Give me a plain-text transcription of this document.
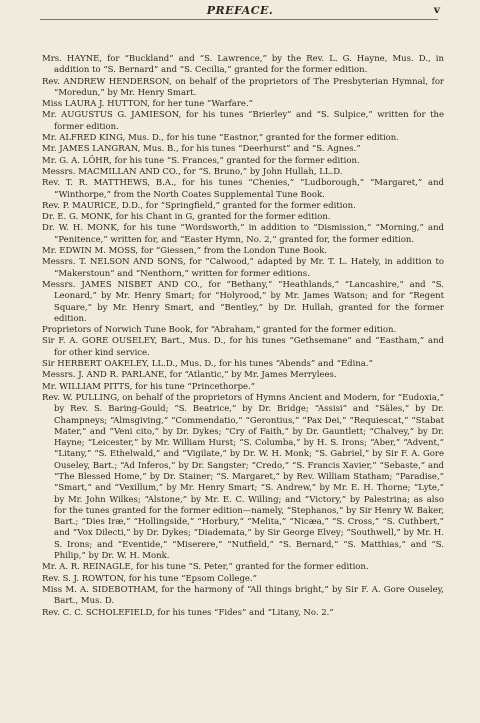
PREFACE.	v

Mrs. HAYNE, for “Buckland” and “S. Lawrence,” by the Rev. L. G. Hayne, Mus. D., in addition to “S. Bernard” and “S. Cecilia,” granted for the former edition.

Rev. ANDREW HENDERSON, on behalf of the proprietors of The Presbyterian Hymnal, for “Moredun,” by Mr. Henry Smart.

Miss LAURA J. HUTTON, for her tune “Warfare.”

Mr. AUGUSTUS G. JAMIESON, for his tunes “Brierley” and “S. Sulpice,” written for the former edition.

Mr. ALFRED KING, Mus. D., for his tune “Eastnor,” granted for the former edition.

Mr. JAMES LANGRAN, Mus. B., for his tunes “Deerhurst” and “S. Agnes.”

Mr. G. A. LÖHR, for his tune “S. Frances,” granted for the former edition.

Messrs. MACMILLAN AND CO., for “S. Bruno,” by John Hullah, LL.D.

Rev. T. R. MATTHEWS, B.A., for his tunes “Chenies,” “Ludborough,” “Margaret,” and “Winthorpe,” from the North Coates Supplemental Tune Book.

Rev. P. MAURICE, D.D., for “Springfield,” granted for the former edition.

Dr. E. G. MONK, for his Chant in G, granted for the former edition.

Dr. W. H. MONK, for his tune “Wordsworth,” in addition to “Dismission,” “Morning,” and “Penitence,” written for, and “Easter Hymn, No. 2,” granted for, the former edition.

Mr. EDWIN M. MOSS, for “Giessen,” from the London Tune Book.

Messrs. T. NELSON AND SONS, for “Calwood,” adapted by Mr. T. L. Hately, in addition to “Makerstoun” and “Nenthorn,” written for former editions.

Messrs. JAMES NISBET AND CO., for “Bethany,” “Heathlands,” “Lancashire,” and “S. Leonard,” by Mr. Henry Smart; for “Holyrood,” by Mr. James Watson; and for “Regent Square,” by Mr. Henry Smart, and “Bentley,” by Dr. Hullah, granted for the former edition.

Proprietors of Norwich Tune Book, for “Abraham,” granted for the former edition.

Sir F. A. GORE OUSELEY, Bart., Mus. D., for his tunes “Gethsemane” and “Eastham,” and for other kind service.

Sir HERBERT OAKELEY, LL.D., Mus. D., for his tunes “Abends” and “Edina.”

Messrs. J. AND R. PARLANE, for “Atlantic,” by Mr. James Merrylees.

Mr. WILLIAM PITTS, for his tune “Princethorpe.”

Rev. W. PULLING, on behalf of the proprietors of Hymns Ancient and Modern, for “Eudoxia,” by Rev. S. Baring-Gould; “S. Beatrice,” by Dr. Bridge; “Assisi” and “Säles,” by Dr. Champneys; “Almsgiving,” “Commendatio,” “Gerontius,” “Pax Dei,” “Requiescat,” “Stabat Mater,” and “Veni cito,” by Dr. Dykes; “Cry of Faith,” by Dr. Gauntlett; “Chalvey,” by Dr. Hayne; “Leicester,” by Mr. William Hurst; “S. Columba,” by H. S. Irons; “Aber,” “Advent,” “Litany,” “S. Ethelwald,” and “Vigilate,” by Dr. W. H. Monk; “S. Gabriel,” by Sir F. A. Gore Ouseley, Bart.; “Ad Inferos,” by Dr. Sangster; “Credo,” “S. Francis Xavier,” “Sebaste,” and “The Blessed Home,” by Dr. Stainer; “S. Margaret,” by Rev. William Statham; “Paradise,” “Smart,” and “Vexillum,” by Mr. Henry Smart; “S. Andrew,” by Mr. E. H. Thorne; “Lyte,” by Mr. John Wilkes; “Alstone,” by Mr. E. C. Willing; and “Victory,” by Palestrina; as also for the tunes granted for the former edition—namely, “Stephanos,” by Sir Henry W. Baker, Bart.; “Dies Iræ,” “Hollingside,” “Horbury,” “Melita,” “Nicæa,” “S. Cross,” “S. Cuthbert,” and “Vox Dilecti,” by Dr. Dykes; “Diademata,” by Sir George Elvey; “Southwell,” by Mr. H. S. Irons; and “Eventide,” “Miserere,” “Nutfield,” “S. Bernard,” “S. Matthias,” and “S. Philip,” by Dr. W. H. Monk.

Mr. A. R. REINAGLE, for his tune “S. Peter,” granted for the former edition.

Rev. S. J. ROWTON, for his tune “Epsom College.”

Miss M. A. SIDEBOTHAM, for the harmony of “All things bright,” by Sir F. A. Gore Ouseley, Bart., Mus. D.

Rev. C. C. SCHOLEFIELD, for his tunes “Fides” and “Litany, No. 2.”
